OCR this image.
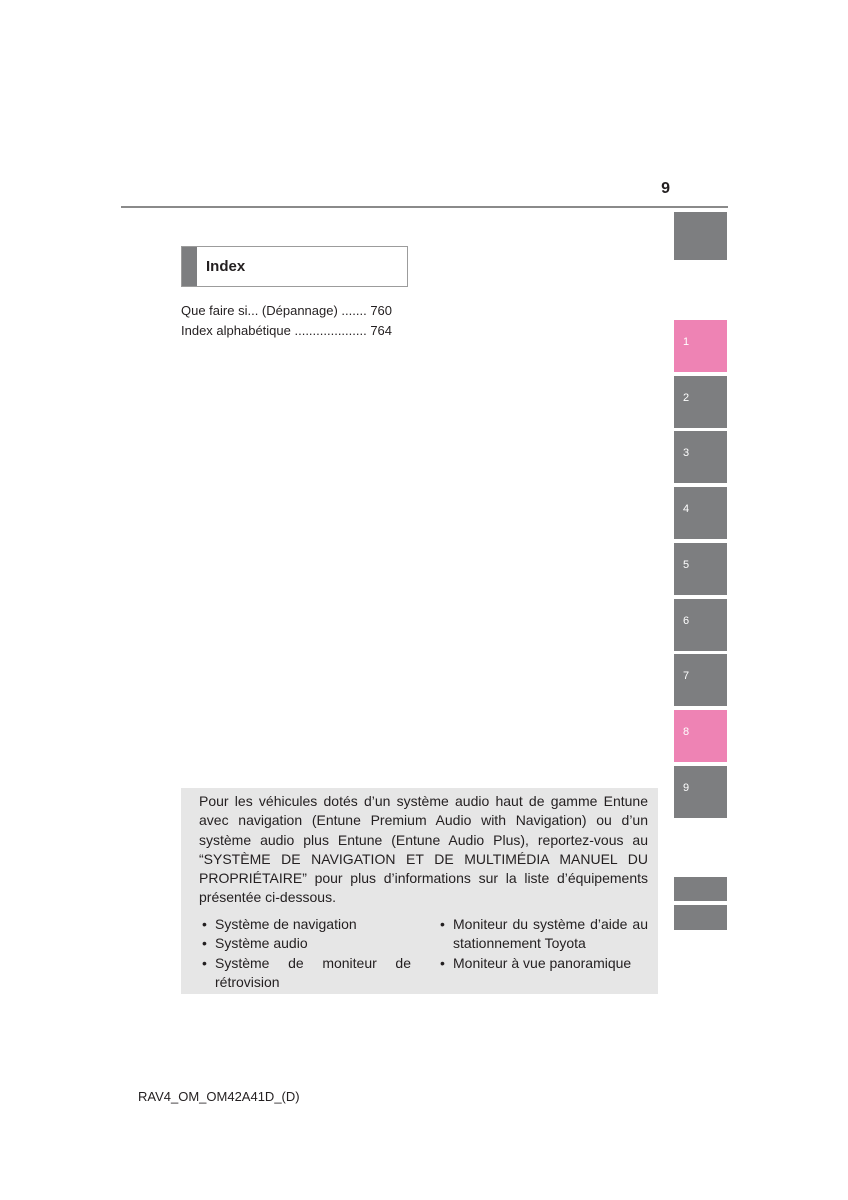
9
1
2
3
4
5
6
7
8
9
Index
Que faire si... (Dépannage) ....... 760
Index alphabétique .................... 764
Pour les véhicules dotés d’un système audio haut de gamme Entune avec navigation (Entune Premium Audio with Navigation) ou d’un système audio plus Entune (Entune Audio Plus), reportez-vous au “SYSTÈME DE NAVIGATION ET DE MULTIMÉDIA MANUEL DU PROPRIÉTAIRE” pour plus d’informations sur la liste d’équipements présentée ci-dessous.
• Système de navigation
• Système audio
• Système de moniteur de rétrovision
• Moniteur du système d’aide au stationnement Toyota
• Moniteur à vue panoramique
RAV4_OM_OM42A41D_(D)
